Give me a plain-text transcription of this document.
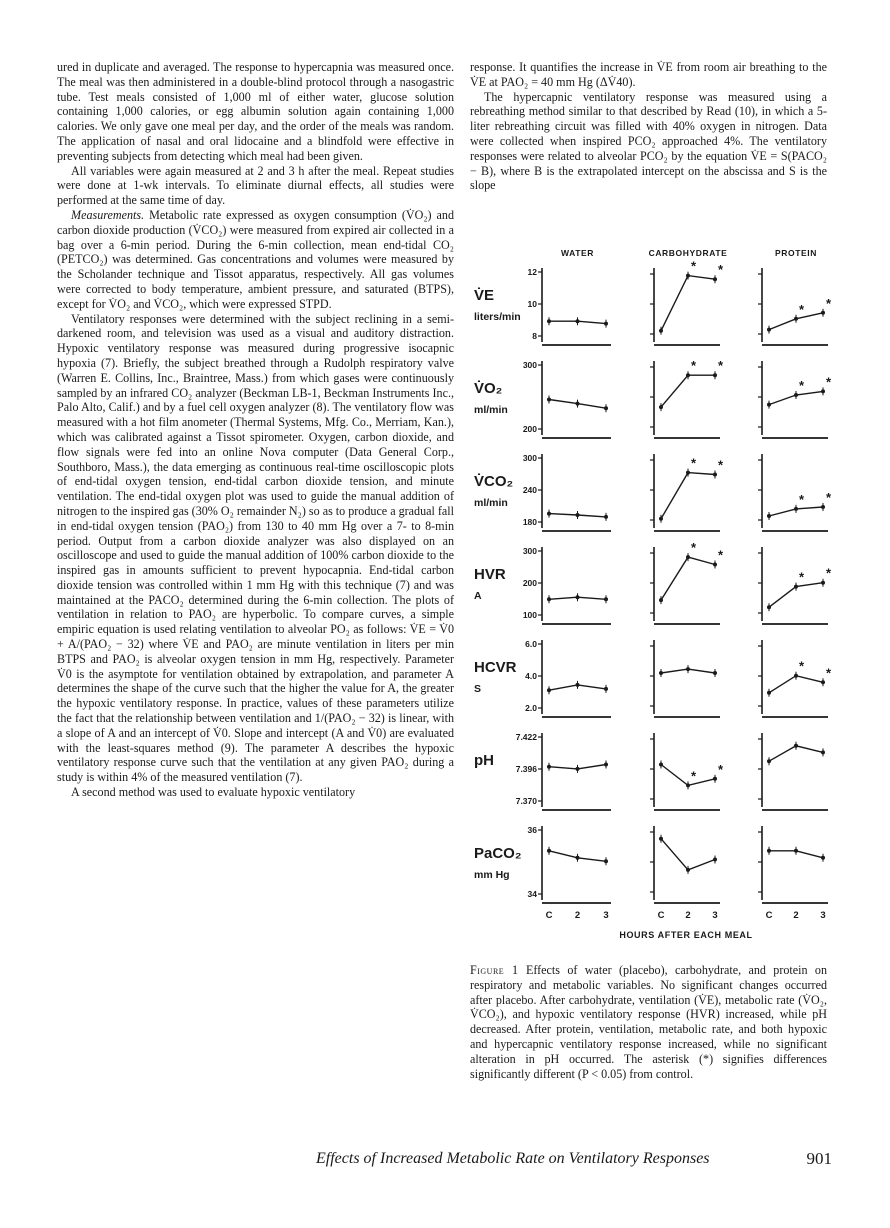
ured in duplicate and averaged. The response to hypercapnia was measured once. The meal was then administered in a double-blind protocol through a nasogastric tube. Test meals consisted of 1,000 ml of either water, glucose solution containing 1,000 calories, or egg albumin solution again containing 1,000 calories. We only gave one meal per day, and the order of the meals was random. The application of nasal and oral lidocaine and a blindfold were effective in preventing subjects from detecting which meal had been given.

All variables were again measured at 2 and 3 h after the meal. Repeat studies were done at 1-wk intervals. To eliminate diurnal effects, all studies were performed at the same time of day.

Measurements. Metabolic rate expressed as oxygen consumption (V̇O₂) and carbon dioxide production (V̇CO₂) were measured from expired air collected in a bag over a 6-min period. During the 6-min collection, mean end-tidal CO₂ (PETCO₂) was determined. Gas concentrations and volumes were measured by the Scholander technique and Tissot apparatus, respectively. All gas volumes were corrected to body temperature, ambient pressure, and saturated (BTPS), except for V̇O₂ and V̇CO₂, which were expressed STPD.

Ventilatory responses were determined with the subject reclining in a semi-darkened room, and television was used as a visual and auditory distraction. Hypoxic ventilatory response was measured during progressive isocapnic hypoxia (7). Briefly, the subject breathed through a Rudolph respiratory valve (Warren E. Collins, Inc., Braintree, Mass.) from which gases were continuously sampled by an infrared CO₂ analyzer (Beckman LB-1, Beckman Instruments Inc., Palo Alto, Calif.) and by a fuel cell oxygen analyzer (8). The ventilatory flow was measured with a hot film anometer (Thermal Systems, Mfg. Co., Merriam, Kan.), which was calibrated against a Tissot spirometer. Oxygen, carbon dioxide, and flow signals were fed into an online Nova computer (Data General Corp., Southboro, Mass.), the data emerging as continuous real-time oscilloscopic plots of end-tidal oxygen tension, end-tidal carbon dioxide tension, and minute ventilation. The end-tidal oxygen plot was used to guide the manual addition of nitrogen to the inspired gas (30% O₂ remainder N₂) so as to produce a gradual fall in end-tidal oxygen tension (PAO₂) from 130 to 40 mm Hg over a 7- to 8-min period. Output from a carbon dioxide analyzer was also displayed on an oscilloscope and used to guide the manual addition of 100% carbon dioxide to the inspired gas in amounts sufficient to prevent hypocapnia. End-tidal carbon dioxide tension was controlled within 1 mm Hg with this technique (7) and was maintained at the PACO₂ determined during the 6-min collection. The plots of ventilation in relation to PAO₂ are hyperbolic. To compare curves, a simple empiric equation is used relating ventilation to alveolar PO₂ as follows: V̇E = V̇0 + A/(PAO₂ − 32) where V̇E and PAO₂ are minute ventilation in liters per min BTPS and PAO₂ is alveolar oxygen tension in mm Hg, respectively. Parameter V̇0 is the asymptote for ventilation obtained by extrapolation, and parameter A determines the shape of the curve such that the higher the value for A, the greater the hypoxic ventilatory response. In practice, values of these parameters utilize the fact that the relationship between ventilation and 1/(PAO₂ − 32) is linear, with a slope of A and an intercept of V̇0. Slope and intercept (A and V̇0) are evaluated with the least-squares method (9). The parameter A describes the hypoxic ventilatory response curve such that the ventilation at any given PAO₂ during a study is within 4% of the measured ventilation (7).

A second method was used to evaluate hypoxic ventilatory

response. It quantifies the increase in V̇E from room air breathing to the V̇E at PAO₂ = 40 mm Hg (ΔV̇40).

The hypercapnic ventilatory response was measured using a rebreathing method similar to that described by Read (10), in which a 5-liter rebreathing circuit was filled with 40% oxygen in nitrogen. Data were collected when inspired PCO₂ approached 4%. The ventilatory responses were related to alveolar PCO₂ by the equation V̇E = S(PACO₂ − B), where B is the extrapolated intercept on the abscissa and S is the slope

WATER	CARBOHYDRATE	PROTEIN
V̇E
liters/min
12
10
8
* *
* *
V̇O₂
ml/min
300
200
* *
* *
V̇CO₂
ml/min
300
240
180
* *
* *
HVR
A
300
200
100
* *
* *
HCVR
S
6.0
4.0
2.0
* *
pH
7.422
7.396
7.370
* *
PaCO₂
mm Hg
36
34
C 2 3	C 2 3	C 2 3
HOURS AFTER EACH MEAL
Figure 1 Effects of water (placebo), carbohydrate, and protein on respiratory and metabolic variables. No significant changes occurred after placebo. After carbohydrate, ventilation (V̇E), metabolic rate (V̇O₂, V̇CO₂), and hypoxic ventilatory response (HVR) increased, while pH decreased. After protein, ventilation, metabolic rate, and both hypoxic and hypercapnic ventilatory response increased, while no significant alteration in pH occurred. The asterisk (*) signifies differences significantly different (P < 0.05) from control.
Effects of Increased Metabolic Rate on Ventilatory Responses	901
